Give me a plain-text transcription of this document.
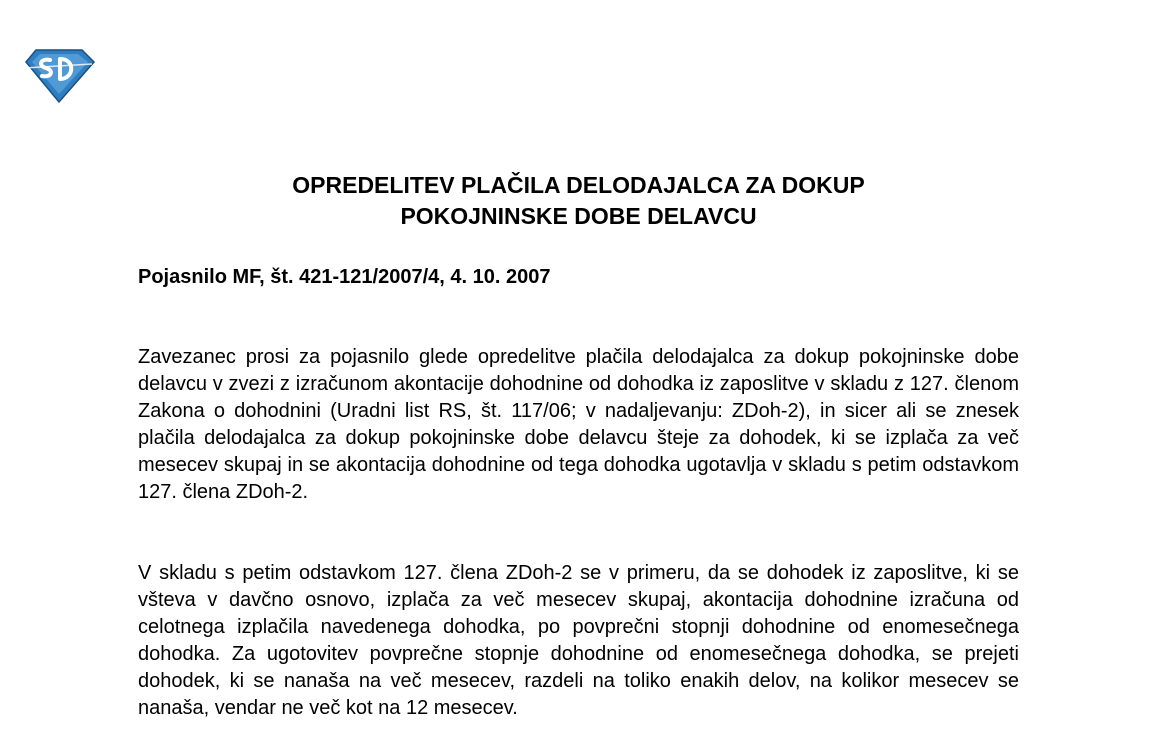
OPREDELITEV PLAČILA DELODAJALCA ZA DOKUP
POKOJNINSKE DOBE DELAVCU

Pojasnilo MF, št. 421-121/2007/4, 4. 10. 2007

Zavezanec prosi za pojasnilo glede opredelitve plačila delodajalca za dokup pokojninske dobe delavcu v zvezi z izračunom akontacije dohodnine od dohodka iz zaposlitve v skladu z 127. členom Zakona o dohodnini (Uradni list RS, št. 117/06; v nadaljevanju: ZDoh-2), in sicer ali se znesek plačila delodajalca za dokup pokojninske dobe delavcu šteje za dohodek, ki se izplača za več mesecev skupaj in se akontacija dohodnine od tega dohodka ugotavlja v skladu s petim odstavkom 127. člena ZDoh-2.

V skladu s petim odstavkom 127. člena ZDoh-2 se v primeru, da se dohodek iz zaposlitve, ki se všteva v davčno osnovo, izplača za več mesecev skupaj, akontacija dohodnine izračuna od celotnega izplačila navedenega dohodka, po povprečni stopnji dohodnine od enomesečnega dohodka. Za ugotovitev povprečne stopnje dohodnine od enomesečnega dohodka, se prejeti dohodek, ki se nanaša na več mesecev, razdeli na toliko enakih delov, na kolikor mesecev se nanaša, vendar ne več kot na 12 mesecev.
